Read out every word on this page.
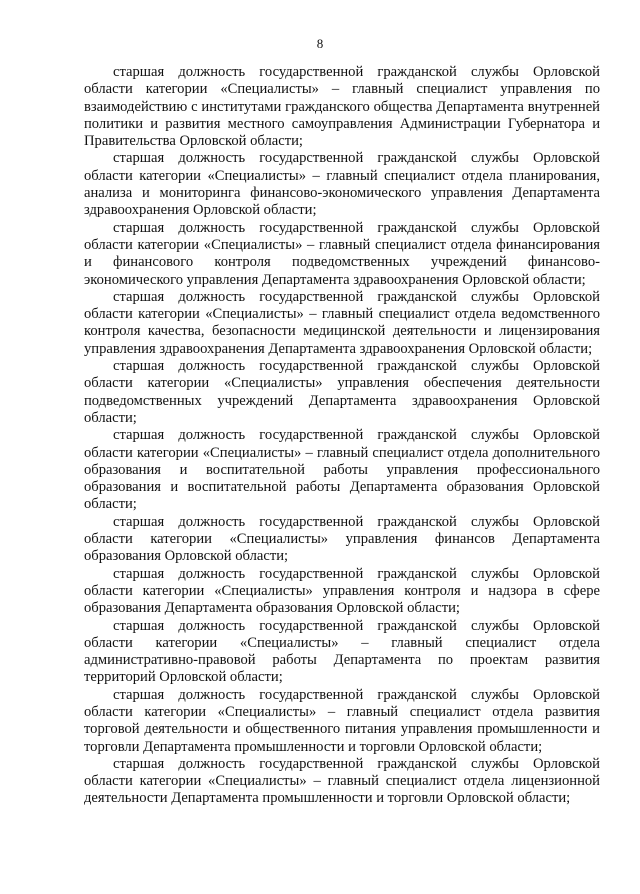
8

старшая должность государственной гражданской службы Орловской области категории «Специалисты» – главный специалист управления по взаимодействию с институтами гражданского общества Департамента внутренней политики и развития местного самоуправления Администрации Губернатора и Правительства Орловской области;

старшая должность государственной гражданской службы Орловской области категории «Специалисты» – главный специалист отдела планирования, анализа и мониторинга финансово-экономического управления Департамента здравоохранения Орловской области;

старшая должность государственной гражданской службы Орловской области категории «Специалисты» – главный специалист отдела финансирования и финансового контроля подведомственных учреждений финансово-экономического управления Департамента здравоохранения Орловской области;

старшая должность государственной гражданской службы Орловской области категории «Специалисты» – главный специалист отдела ведомственного контроля качества, безопасности медицинской деятельности и лицензирования управления здравоохранения Департамента здравоохранения Орловской области;

старшая должность государственной гражданской службы Орловской области категории «Специалисты» управления обеспечения деятельности подведомственных учреждений Департамента здравоохранения Орловской области;

старшая должность государственной гражданской службы Орловской области категории «Специалисты» – главный специалист отдела дополнительного образования и воспитательной работы управления профессионального образования и воспитательной работы Департамента образования Орловской области;

старшая должность государственной гражданской службы Орловской области категории «Специалисты» управления финансов Департамента образования Орловской области;

старшая должность государственной гражданской службы Орловской области категории «Специалисты» управления контроля и надзора в сфере образования Департамента образования Орловской области;

старшая должность государственной гражданской службы Орловской области категории «Специалисты» – главный специалист отдела административно-правовой работы Департамента по проектам развития территорий Орловской области;

старшая должность государственной гражданской службы Орловской области категории «Специалисты» – главный специалист отдела развития торговой деятельности и общественного питания управления промышленности и торговли Департамента промышленности и торговли Орловской области;

старшая должность государственной гражданской службы Орловской области категории «Специалисты» – главный специалист отдела лицензионной деятельности Департамента промышленности и торговли Орловской области;
